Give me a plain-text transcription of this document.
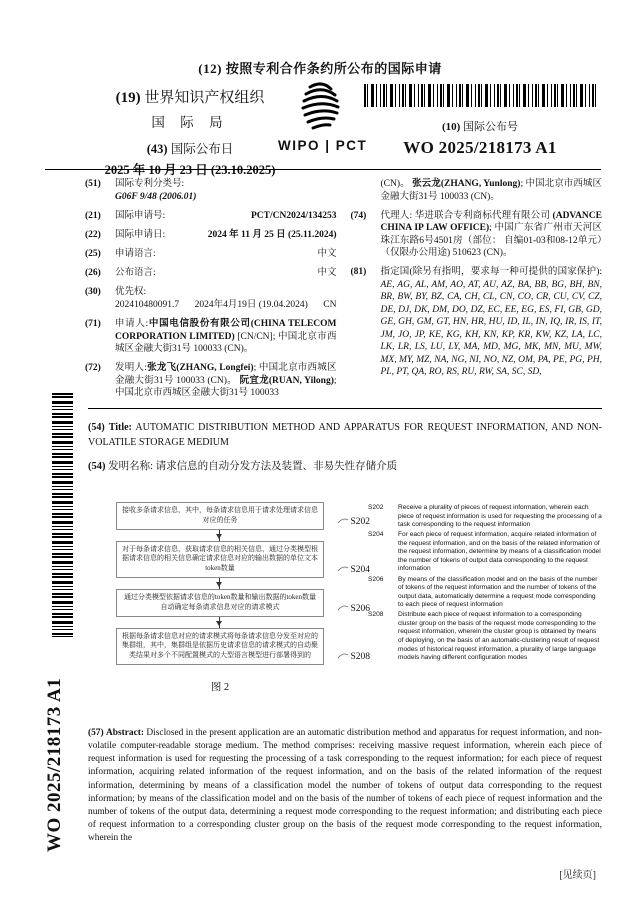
(12) 按照专利合作条约所公布的国际申请
(19) 世界知识产权组织
国 际 局
(43) 国际公布日
2025 年 10 月 23 日 (23.10.2025)
WIPO | PCT
(10) 国际公布号
WO 2025/218173 A1
(51) 国际专利分类号:
G06F 9/48 (2006.01)
(21) 国际申请号:	PCT/CN2024/134253
(22) 国际申请日:	2024 年 11 月 25 日 (25.11.2024)
(25) 申请语言:	中文
(26) 公布语言:	中文
(30) 优先权:
202410480091.7 2024年4月19日 (19.04.2024) CN
(71) 申请人:中国电信股份有限公司(CHINA TELECOM CORPORATION LIMITED) [CN/CN]; 中国北京市西城区金融大街31号 100033 (CN)。
(72) 发明人:张龙飞(ZHANG, Longfei); 中国北京市西城区金融大街31号 100033 (CN)。 阮宜龙(RUAN, Yilong); 中国北京市西城区金融大街31号 100033
(CN)。 张云龙(ZHANG, Yunlong); 中国北京市西城区金融大街31号 100033 (CN)。
(74) 代理人: 华进联合专利商标代理有限公司 (ADVANCE CHINA IP LAW OFFICE); 中国广东省广州市天河区珠江东路6号4501房（部位： 自编01-03和08-12单元）（仅限办公用途) 510623 (CN)。
(81) 指定国(除另有指明，要求每一种可提供的国家保护): AE, AG, AL, AM, AO, AT, AU, AZ, BA, BB, BG, BH, BN, BR, BW, BY, BZ, CA, CH, CL, CN, CO, CR, CU, CV, CZ, DE, DJ, DK, DM, DO, DZ, EC, EE, EG, ES, FI, GB, GD, GE, GH, GM, GT, HN, HR, HU, ID, IL, IN, IQ, IR, IS, IT, JM, JO, JP, KE, KG, KH, KN, KP, KR, KW, KZ, LA, LC, LK, LR, LS, LU, LY, MA, MD, MG, MK, MN, MU, MW, MX, MY, MZ, NA, NG, NI, NO, NZ, OM, PA, PE, PG, PH, PL, PT, QA, RO, RS, RU, RW, SA, SC, SD,
WO 2025/218173 A1

(54) Title: AUTOMATIC DISTRIBUTION METHOD AND APPARATUS FOR REQUEST INFORMATION, AND NON-VOLATILE STORAGE MEDIUM

(54) 发明名称: 请求信息的自动分发方法及装置、非易失性存储介质

接收多条请求信息，其中，每条请求信息用于请求处理请求信息对应的任务	S202
对于每条请求信息，获取请求信息的相关信息，通过分类模型根据请求信息的相关信息确定请求信息对应的输出数据的单位文本token数量	S204
通过分类模型依据请求信息的token数量和输出数据的token数量自动确定每条请求信息对应的请求模式	S206
根据每条请求信息对应的请求模式将每条请求信息分发至对应的集群组，其中，集群组是依据历史请求信息的请求模式的自动聚类结果对多个不同配置模式的大型语言模型进行部署得到的	S208
图 2
S202	Receive a plurality of pieces of request information, wherein each piece of request information is used for requesting the processing of a task corresponding to the request information
S204	For each piece of request information, acquire related information of the request information, and on the basis of the related information of the request information, determine by means of a classification model the number of tokens of output data corresponding to the request information
S206	By means of the classification model and on the basis of the number of tokens of the request information and the number of tokens of the output data, automatically determine a request mode corresponding to each piece of request information
S208	Distribute each piece of request information to a corresponding cluster group on the basis of the request mode corresponding to the request information, wherein the cluster group is obtained by means of deploying, on the basis of an automatic-clustering result of request modes of historical request information, a plurality of large language models having different configuration modes
(57) Abstract: Disclosed in the present application are an automatic distribution method and apparatus for request information, and non-volatile computer-readable storage medium. The method comprises: receiving massive request information, wherein each piece of request information is used for requesting the processing of a task corresponding to the request information; for each piece of request information, acquiring related information of the request information, and on the basis of the related information of the request information, determining by means of a classification model the number of tokens of output data corresponding to the request information; by means of the classification model and on the basis of the number of tokens of each piece of request information and the number of tokens of the output data, determining a request mode corresponding to the request information; and distributing each piece of request information to a corresponding cluster group on the basis of the request mode corresponding to the request information, wherein the
[见续页]
